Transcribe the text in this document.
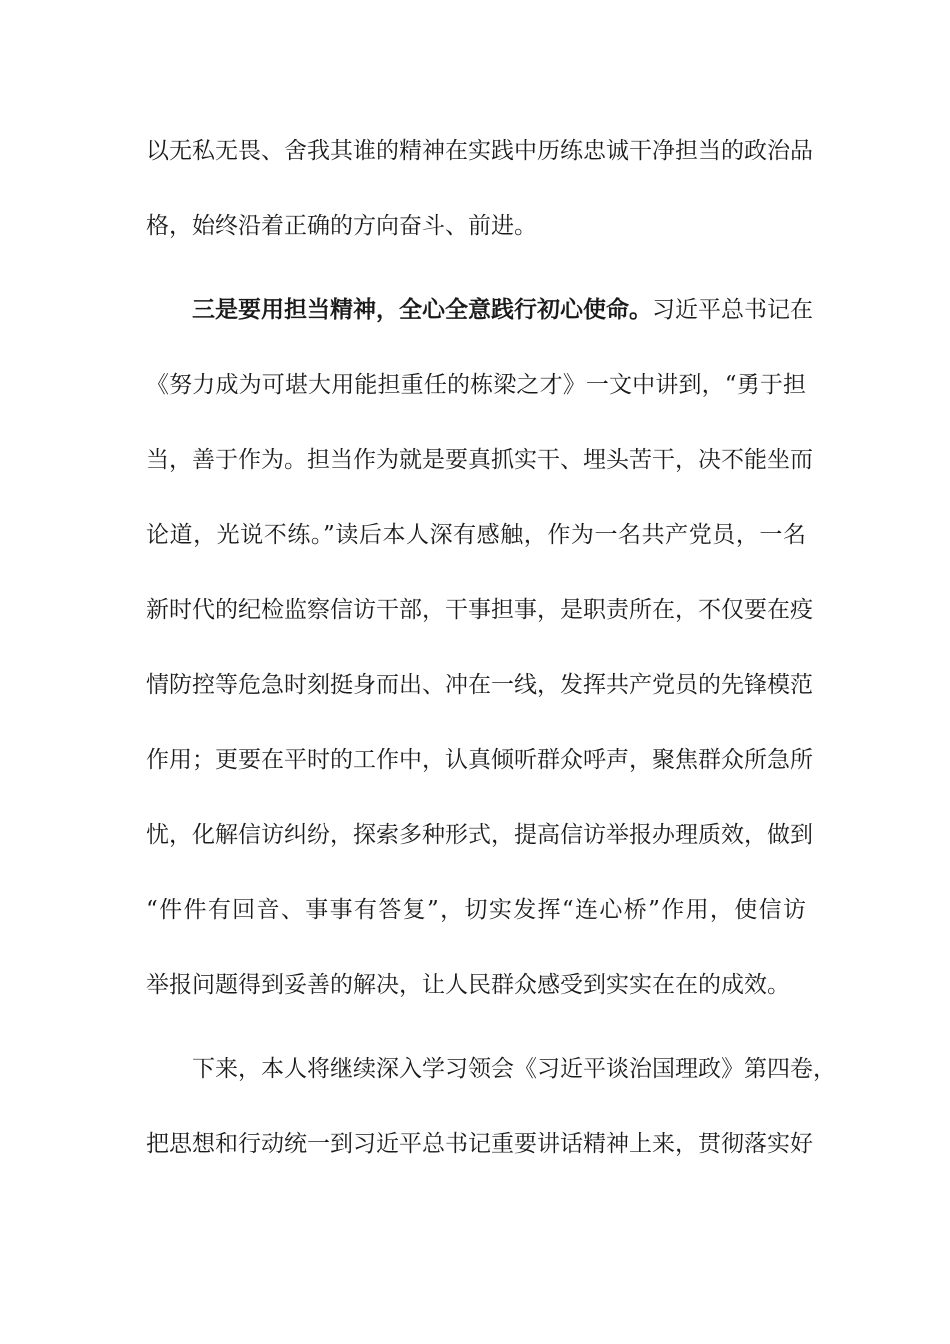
以无私无畏、舍我其谁的精神在实践中历练忠诚干净担当的政治品
格，始终沿着正确的方向奋斗、前进。
三是要用担当精神，全心全意践行初心使命。习近平总书记在
《努力成为可堪大用能担重任的栋梁之才》一文中讲到，“勇于担
当，善于作为。担当作为就是要真抓实干、埋头苦干，决不能坐而
论道，光说不练。”读后本人深有感触，作为一名共产党员，一名
新时代的纪检监察信访干部，干事担事，是职责所在，不仅要在疫
情防控等危急时刻挺身而出、冲在一线，发挥共产党员的先锋模范
作用；更要在平时的工作中，认真倾听群众呼声，聚焦群众所急所
忧，化解信访纠纷，探索多种形式，提高信访举报办理质效，做到
“件件有回音、事事有答复”，切实发挥“连心桥”作用，使信访
举报问题得到妥善的解决，让人民群众感受到实实在在的成效。
下来，本人将继续深入学习领会《习近平谈治国理政》第四卷，
把思想和行动统一到习近平总书记重要讲话精神上来，贯彻落实好
